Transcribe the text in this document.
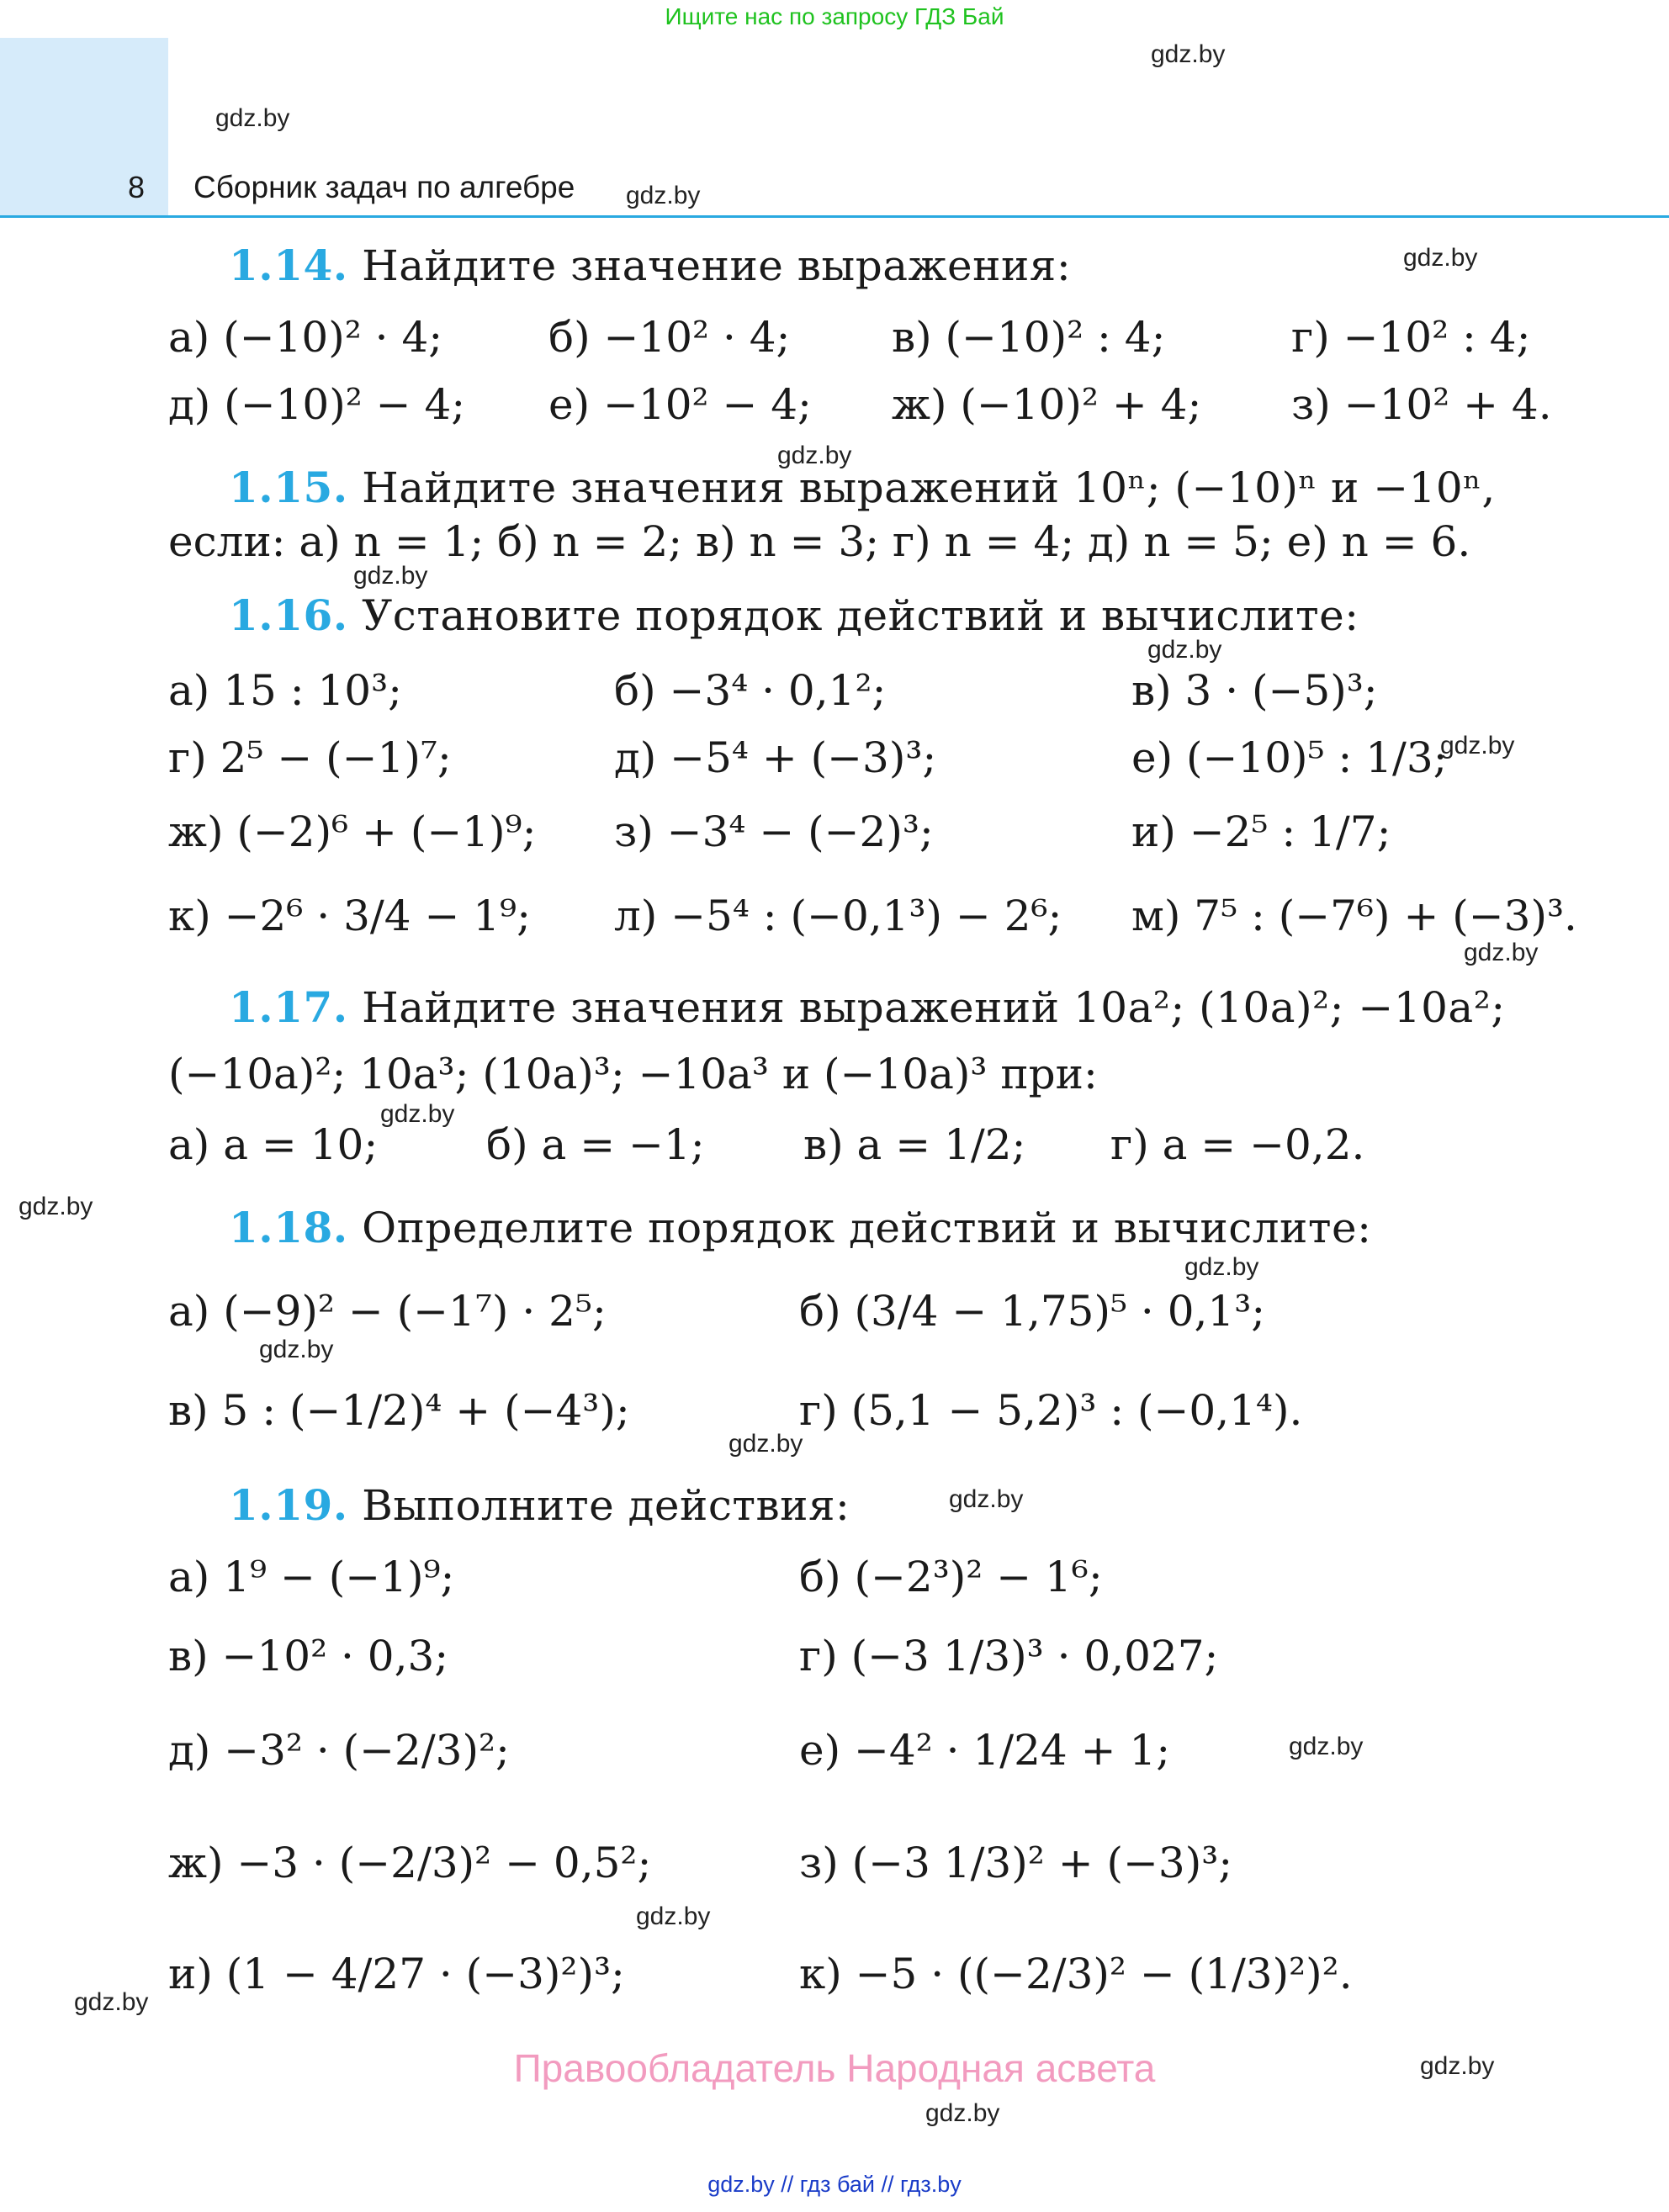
Ищите нас по запросу ГДЗ Бай
8 Сборник задач по алгебре
1.14. Найдите значение выражения:
а) (−10)² · 4;	б) −10² · 4; в) (−10)² : 4;	г) −10² : 4;
д) (−10)² − 4; е) −10² − 4; ж) (−10)² + 4; з) −10² + 4.
1.15. Найдите значения выражений 10ⁿ; (−10)ⁿ и −10ⁿ,
если: а) n = 1; б) n = 2; в) n = 3; г) n = 4; д) n = 5; е) n = 6.
1.16. Установите порядок действий и вычислите:
а) 15 : 10³;	б) −3⁴ · 0,1²;	в) 3 · (−5)³;
г) 2⁵ − (−1)⁷;	д) −5⁴ + (−3)³;	е) (−10)⁵ : 1/3;
ж) (−2)⁶ + (−1)⁹; з) −3⁴ − (−2)³;	и) −2⁵ : 1/7;
к) −2⁶ · 3/4 − 1⁹; л) −5⁴ : (−0,1³) − 2⁶; м) 7⁵ : (−7⁶) + (−3)³.
1.17. Найдите значения выражений 10a²; (10a)²; −10a²;
(−10a)²; 10a³; (10a)³; −10a³ и (−10a)³ при:
а) a = 10;	б) a = −1; в) a = 1/2; г) a = −0,2.
1.18. Определите порядок действий и вычислите:
а) (−9)² − (−1⁷) · 2⁵;	б) (3/4 − 1,75)⁵ · 0,1³;
в) 5 : (−1/2)⁴ + (−4³);	г) (5,1 − 5,2)³ : (−0,1⁴).
1.19. Выполните действия:
а) 1⁹ − (−1)⁹;	б) (−2³)² − 1⁶;
в) −10² · 0,3;	г) (−3 1/3)³ · 0,027;
д) −3² · (−2/3)²;	е) −4² · 1/24 + 1;
ж) −3 · (−2/3)² − 0,5²;	з) (−3 1/3)² + (−3)³;
и) (1 − 4/27 · (−3)²)³;	к) −5 · ((−2/3)² − (1/3)²)².
gdz.by
gdz.by
gdz.by
gdz.by
gdz.by
gdz.by
gdz.by
gdz.by
gdz.by
gdz.by
gdz.by
gdz.by
gdz.by
gdz.by
gdz.by
gdz.by
gdz.by
gdz.by
gdz.by
gdz.by
Правообладатель Народная асвета
gdz.by // гдз бай // гдз.by
